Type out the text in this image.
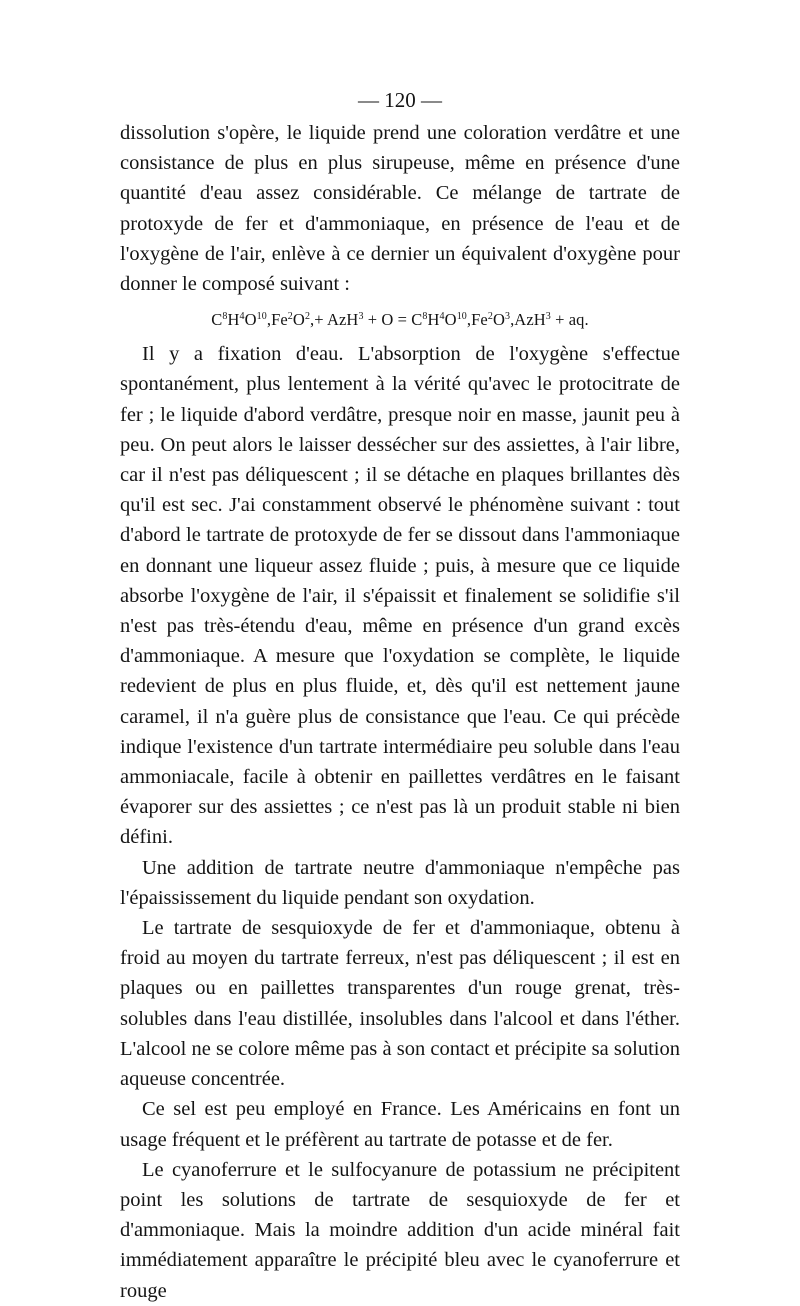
— 120 —

dissolution s'opère, le liquide prend une coloration verdâtre et une consistance de plus en plus sirupeuse, même en présence d'une quantité d'eau assez considérable. Ce mélange de tartrate de protoxyde de fer et d'ammoniaque, en présence de l'eau et de l'oxygène de l'air, enlève à ce dernier un équivalent d'oxygène pour donner le composé suivant :

$C^8H^4O^{10},Fe^2O^2,+ AzH^3 + O = C^8H^4O^{10},Fe^2O^3,AzH^3$ + aq.

Il y a fixation d'eau. L'absorption de l'oxygène s'effectue spontanément, plus lentement à la vérité qu'avec le protocitrate de fer ; le liquide d'abord verdâtre, presque noir en masse, jaunit peu à peu. On peut alors le laisser dessécher sur des assiettes, à l'air libre, car il n'est pas déliquescent ; il se détache en plaques brillantes dès qu'il est sec. J'ai constamment observé le phénomène suivant : tout d'abord le tartrate de protoxyde de fer se dissout dans l'ammoniaque en donnant une liqueur assez fluide ; puis, à mesure que ce liquide absorbe l'oxygène de l'air, il s'épaissit et finalement se solidifie s'il n'est pas très-étendu d'eau, même en présence d'un grand excès d'ammoniaque. A mesure que l'oxydation se complète, le liquide redevient de plus en plus fluide, et, dès qu'il est nettement jaune caramel, il n'a guère plus de consistance que l'eau. Ce qui précède indique l'existence d'un tartrate intermédiaire peu soluble dans l'eau ammoniacale, facile à obtenir en paillettes verdâtres en le faisant évaporer sur des assiettes ; ce n'est pas là un produit stable ni bien défini.

Une addition de tartrate neutre d'ammoniaque n'empêche pas l'épaississement du liquide pendant son oxydation.

Le tartrate de sesquioxyde de fer et d'ammoniaque, obtenu à froid au moyen du tartrate ferreux, n'est pas déliquescent ; il est en plaques ou en paillettes transparentes d'un rouge grenat, très-solubles dans l'eau distillée, insolubles dans l'alcool et dans l'éther. L'alcool ne se colore même pas à son contact et précipite sa solution aqueuse concentrée.

Ce sel est peu employé en France. Les Américains en font un usage fréquent et le préfèrent au tartrate de potasse et de fer.

Le cyanoferrure et le sulfocyanure de potassium ne précipitent point les solutions de tartrate de sesquioxyde de fer et d'ammoniaque. Mais la moindre addition d'un acide minéral fait immédiatement apparaître le précipité bleu avec le cyanoferrure et rouge
